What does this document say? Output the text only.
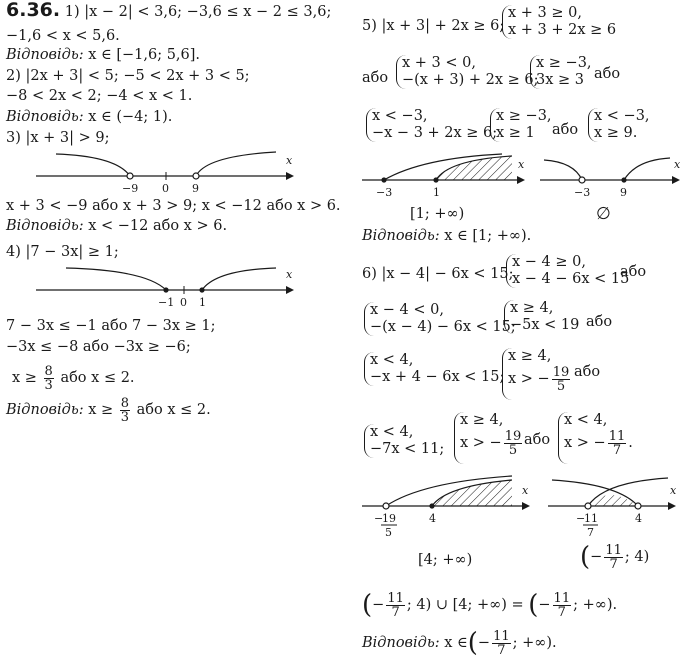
6.36. 1) |x − 2| < 3,6; −3,6 ≤ x − 2 ≤ 3,6;
−1,6 < x < 5,6.
Відповідь: x ∈ [−1,6; 5,6].
2) |2x + 3| < 5; −5 < 2x + 3 < 5;
−8 < 2x < 2; −4 < x < 1.
Відповідь: x ∈ (−4; 1).
3) |x + 3| > 9;
x
−9 0 9
x + 3 < −9 або x + 3 > 9; x < −12 або x > 6.
Відповідь: x < −12 або x > 6.
4) |7 − 3x| ≥ 1;
x
−1 0 1
7 − 3x ≤ −1 або 7 − 3x ≥ 1;
−3x ≤ −8 або −3x ≥ −6;
$x \ge \frac{8}{3}$ або x ≤ 2.
Відповідь: $x \ge \frac{8}{3}$ або x ≤ 2.
5) |x + 3| + 2x ≥ 6;
x + 3 ≥ 0,
x + 3 + 2x ≥ 6
або
x + 3 < 0,
−(x + 3) + 2x ≥ 6;
x ≥ −3,
3x ≥ 3 або
x < −3,
−x − 3 + 2x ≥ 6;
x ≥ −3,
x ≥ 1	або
x < −3,
x ≥ 9.
x
−3	1
x
−3	9
[1; +∞)	∅
Відповідь: x ∈ [1; +∞).
6) |x − 4| − 6x < 15;
x − 4 ≥ 0,
x − 4 − 6x < 15
або
x − 4 < 0,
−(x − 4) − 6x < 15;
x ≥ 4,
−5x < 19 або
x < 4,
−x + 4 − 6x < 15;
x ≥ 4,
x > − $\frac{19}{5}$ або
x < 4,
−7x < 11;
x ≥ 4,
x > − $\frac{19}{5}$ або
x < 4,
x > − $\frac{11}{7}$ .
x
−
19
5
4
x
−
11
7
4
[4; +∞)	(− $\frac{11}{7}$ ; 4)
(− $\frac{11}{7}$ ; 4) ∪ [4; +∞) = (− $\frac{11}{7}$ ; +∞).
Відповідь: x ∈(− $\frac{11}{7}$ ; +∞).
